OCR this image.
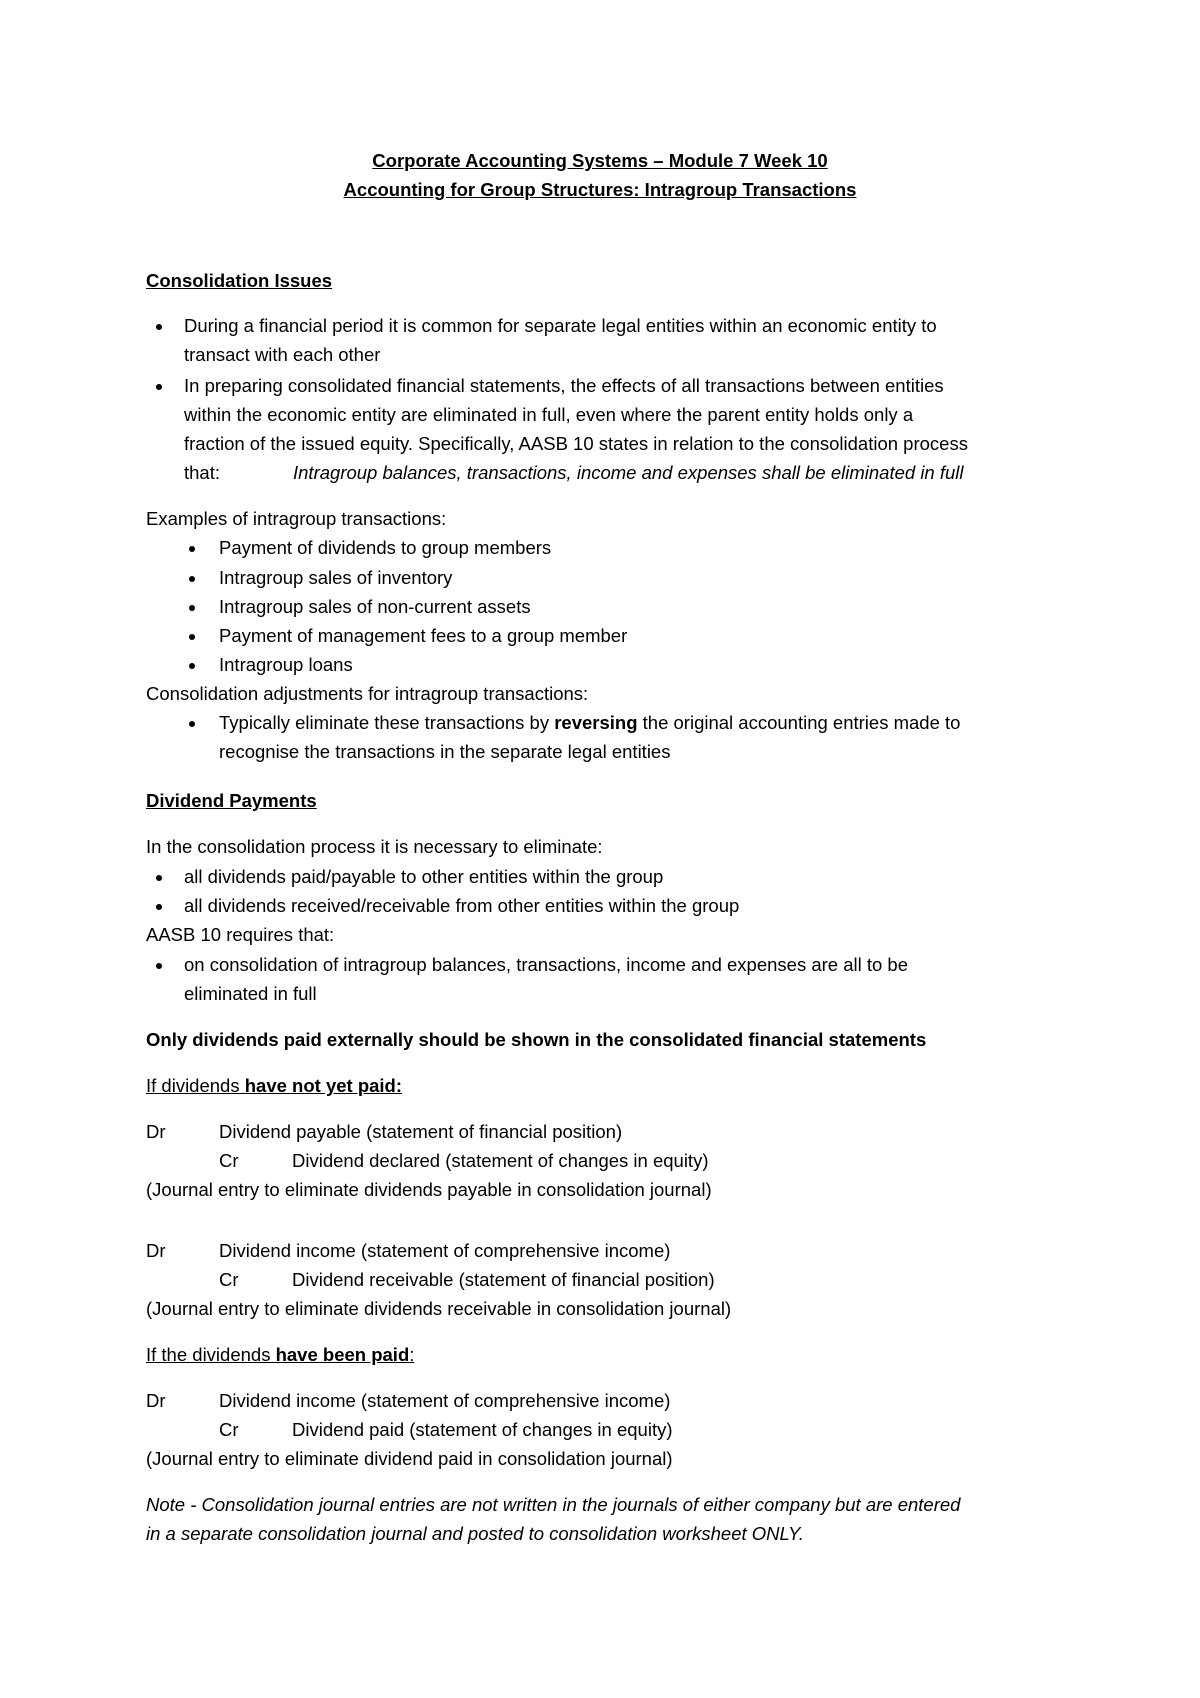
Corporate Accounting Systems – Module 7 Week 10
Accounting for Group Structures: Intragroup Transactions
Consolidation Issues
During a financial period it is common for separate legal entities within an economic entity to
transact with each other
In preparing consolidated financial statements, the effects of all transactions between entities
within the economic entity are eliminated in full, even where the parent entity holds only a
fraction of the issued equity. Specifically, AASB 10 states in relation to the consolidation process
that:	Intragroup balances, transactions, income and expenses shall be eliminated in full
Examples of intragroup transactions:
Payment of dividends to group members
Intragroup sales of inventory
Intragroup sales of non-current assets
Payment of management fees to a group member
Intragroup loans
Consolidation adjustments for intragroup transactions:
Typically eliminate these transactions by reversing the original accounting entries made to
recognise the transactions in the separate legal entities
Dividend Payments
In the consolidation process it is necessary to eliminate:
all dividends paid/payable to other entities within the group
all dividends received/receivable from other entities within the group
AASB 10 requires that:
on consolidation of intragroup balances, transactions, income and expenses are all to be
eliminated in full
Only dividends paid externally should be shown in the consolidated financial statements
If dividends have not yet paid:
Dr	Dividend payable (statement of financial position)
Cr	Dividend declared (statement of changes in equity)
(Journal entry to eliminate dividends payable in consolidation journal)
Dr	Dividend income (statement of comprehensive income)
Cr	Dividend receivable (statement of financial position)
(Journal entry to eliminate dividends receivable in consolidation journal)
If the dividends have been paid:
Dr	Dividend income (statement of comprehensive income)
Cr	Dividend paid (statement of changes in equity)
(Journal entry to eliminate dividend paid in consolidation journal)
Note - Consolidation journal entries are not written in the journals of either company but are entered
in a separate consolidation journal and posted to consolidation worksheet ONLY.
